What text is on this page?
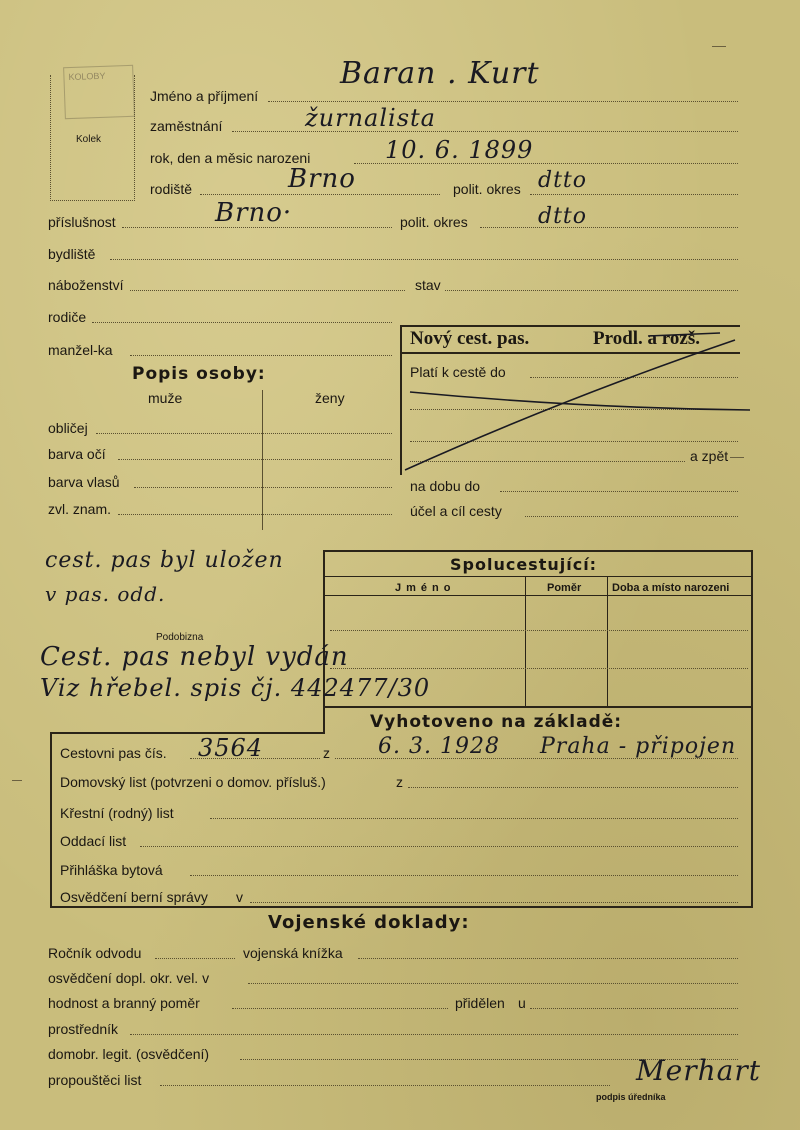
KOLOBY
Kolek
Jméno a příjmení
Baran . Kurt
zaměstnání	žurnalista
rok, den a měsic narozeni	10. 6. 1899
rodiště	Brno	polit. okres dtto
příslušnost	Brno·	polit. okres	dtto
bydliště
náboženství	stav
rodiče
manžel-ka
Nový cest. pas.	Prodl. a rozš.
Platí k cestě do
a zpět
na dobu do
účel a cíl cesty
Popis osoby:
muže	ženy
obličej
barva očí
barva vlasů
zvl. znam.
cest. pas byl uložen
v pas. odd.
Spolucestující:
Jméno	Poměr	Doba a místo narozeni
Podobizna
Cest. pas nebyl vydán
Viz hřebel. spis čj. 442477/30
Vyhotoveno na základě:
Cestovni pas čís. 3564	z 6. 3. 1928 Praha - připojen
Domovský list (potvrzeni o domov. přísluš.)	z
Křestní (rodný) list
Oddací list
Přihláška bytová
Osvědčení berní správy v
Vojenské doklady:
Ročník odvodu	vojenská knížka
osvědčení dopl. okr. vel. v
hodnost a branný poměr	přidělen u
prostředník
domobr. legit. (osvědčení)
propouštěci list	Merhart
podpis úředníka
